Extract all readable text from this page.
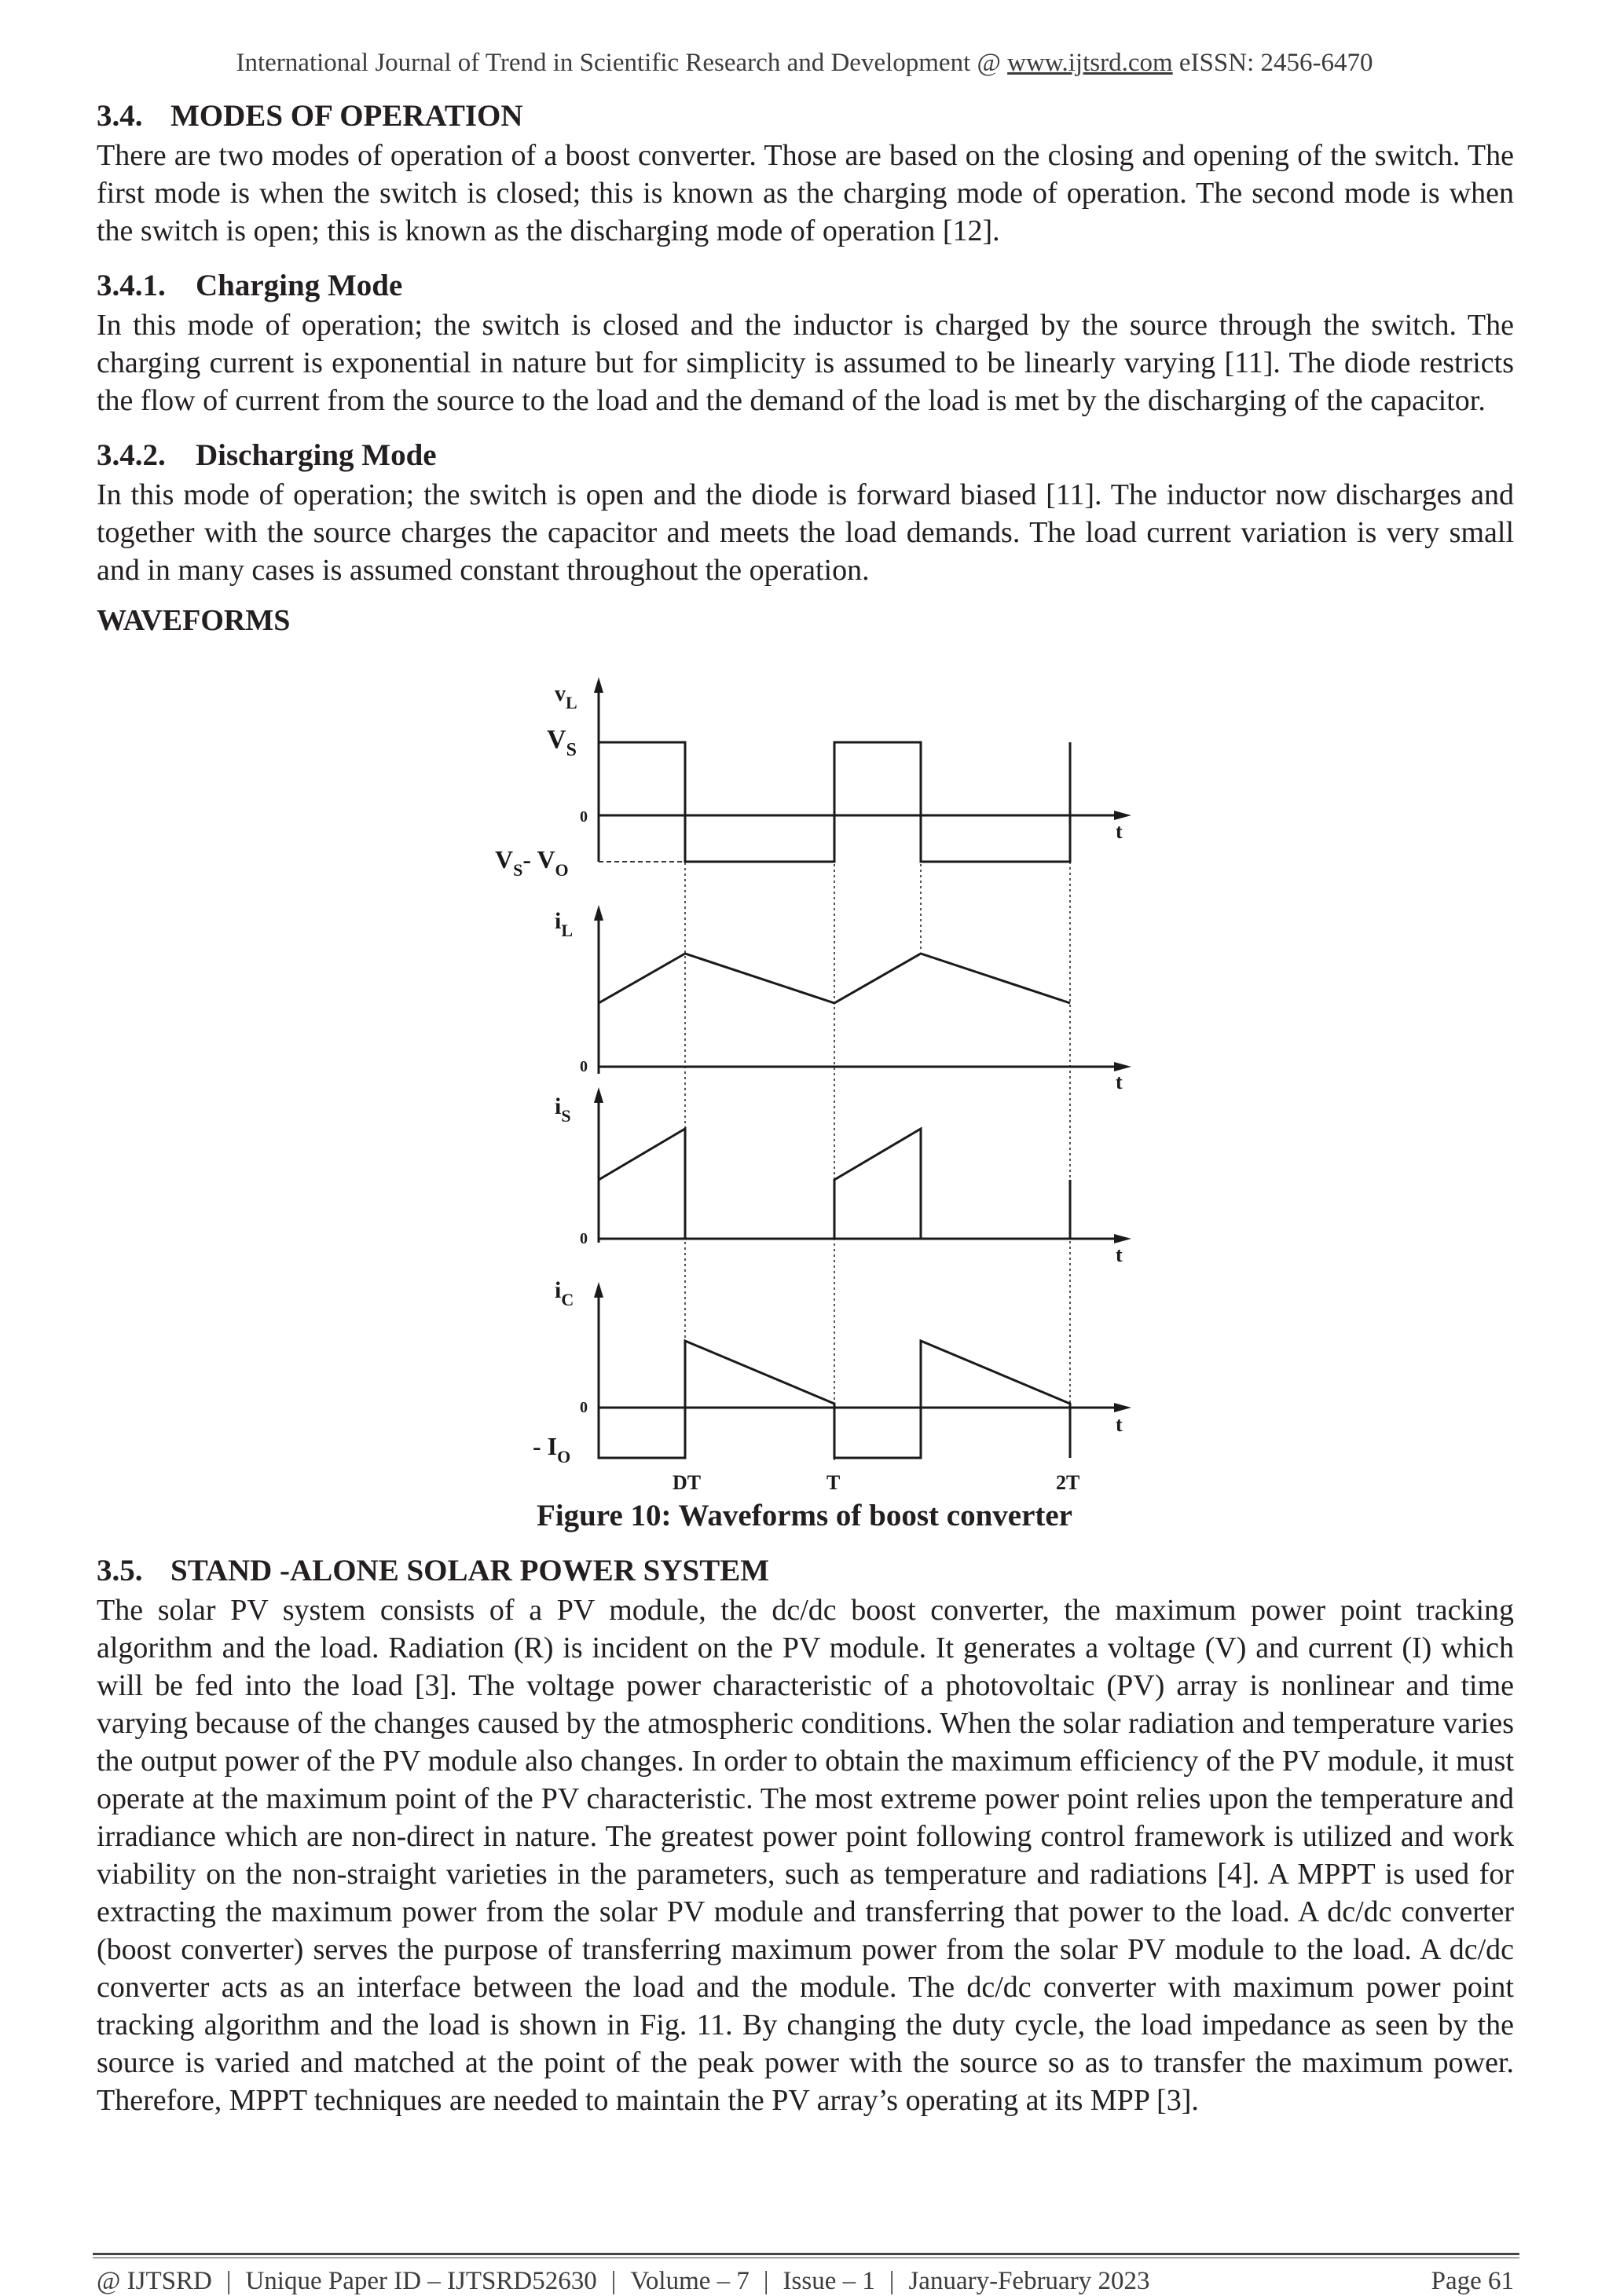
International Journal of Trend in Scientific Research and Development @ www.ijtsrd.com eISSN: 2456-6470
3.4. MODES OF OPERATION

There are two modes of operation of a boost converter. Those are based on the closing and opening of the switch. The first mode is when the switch is closed; this is known as the charging mode of operation. The second mode is when the switch is open; this is known as the discharging mode of operation [12].

3.4.1. Charging Mode

In this mode of operation; the switch is closed and the inductor is charged by the source through the switch. The charging current is exponential in nature but for simplicity is assumed to be linearly varying [11]. The diode restricts the flow of current from the source to the load and the demand of the load is met by the discharging of the capacitor.

3.4.2. Discharging Mode

In this mode of operation; the switch is open and the diode is forward biased [11]. The inductor now discharges and together with the source charges the capacitor and meets the load demands. The load current variation is very small and in many cases is assumed constant throughout the operation.

WAVEFORMS
$v_L$
$V_S$
0
t
$V_S-$ $V_O$
$i_L$
0
t
$i_S$
0
t
$i_C$
0
t
- $I_O$
DT	T	2T
Figure 10: Waveforms of boost converter
3.5. STAND -ALONE SOLAR POWER SYSTEM

The solar PV system consists of a PV module, the dc/dc boost converter, the maximum power point tracking algorithm and the load. Radiation (R) is incident on the PV module. It generates a voltage (V) and current (I) which will be fed into the load [3]. The voltage power characteristic of a photovoltaic (PV) array is nonlinear and time varying because of the changes caused by the atmospheric conditions. When the solar radiation and temperature varies the output power of the PV module also changes. In order to obtain the maximum efficiency of the PV module, it must operate at the maximum point of the PV characteristic. The most extreme power point relies upon the temperature and irradiance which are non-direct in nature. The greatest power point following control framework is utilized and work viability on the non-straight varieties in the parameters, such as temperature and radiations [4]. A MPPT is used for extracting the maximum power from the solar PV module and transferring that power to the load. A dc/dc converter (boost converter) serves the purpose of transferring maximum power from the solar PV module to the load. A dc/dc converter acts as an interface between the load and the module. The dc/dc converter with maximum power point tracking algorithm and the load is shown in Fig. 11. By changing the duty cycle, the load impedance as seen by the source is varied and matched at the point of the peak power with the source so as to transfer the maximum power. Therefore, MPPT techniques are needed to maintain the PV array’s operating at its MPP [3].

@ IJTSRD | Unique Paper ID – IJTSRD52630 | Volume – 7 | Issue – 1 | January-February 2023	Page 61
